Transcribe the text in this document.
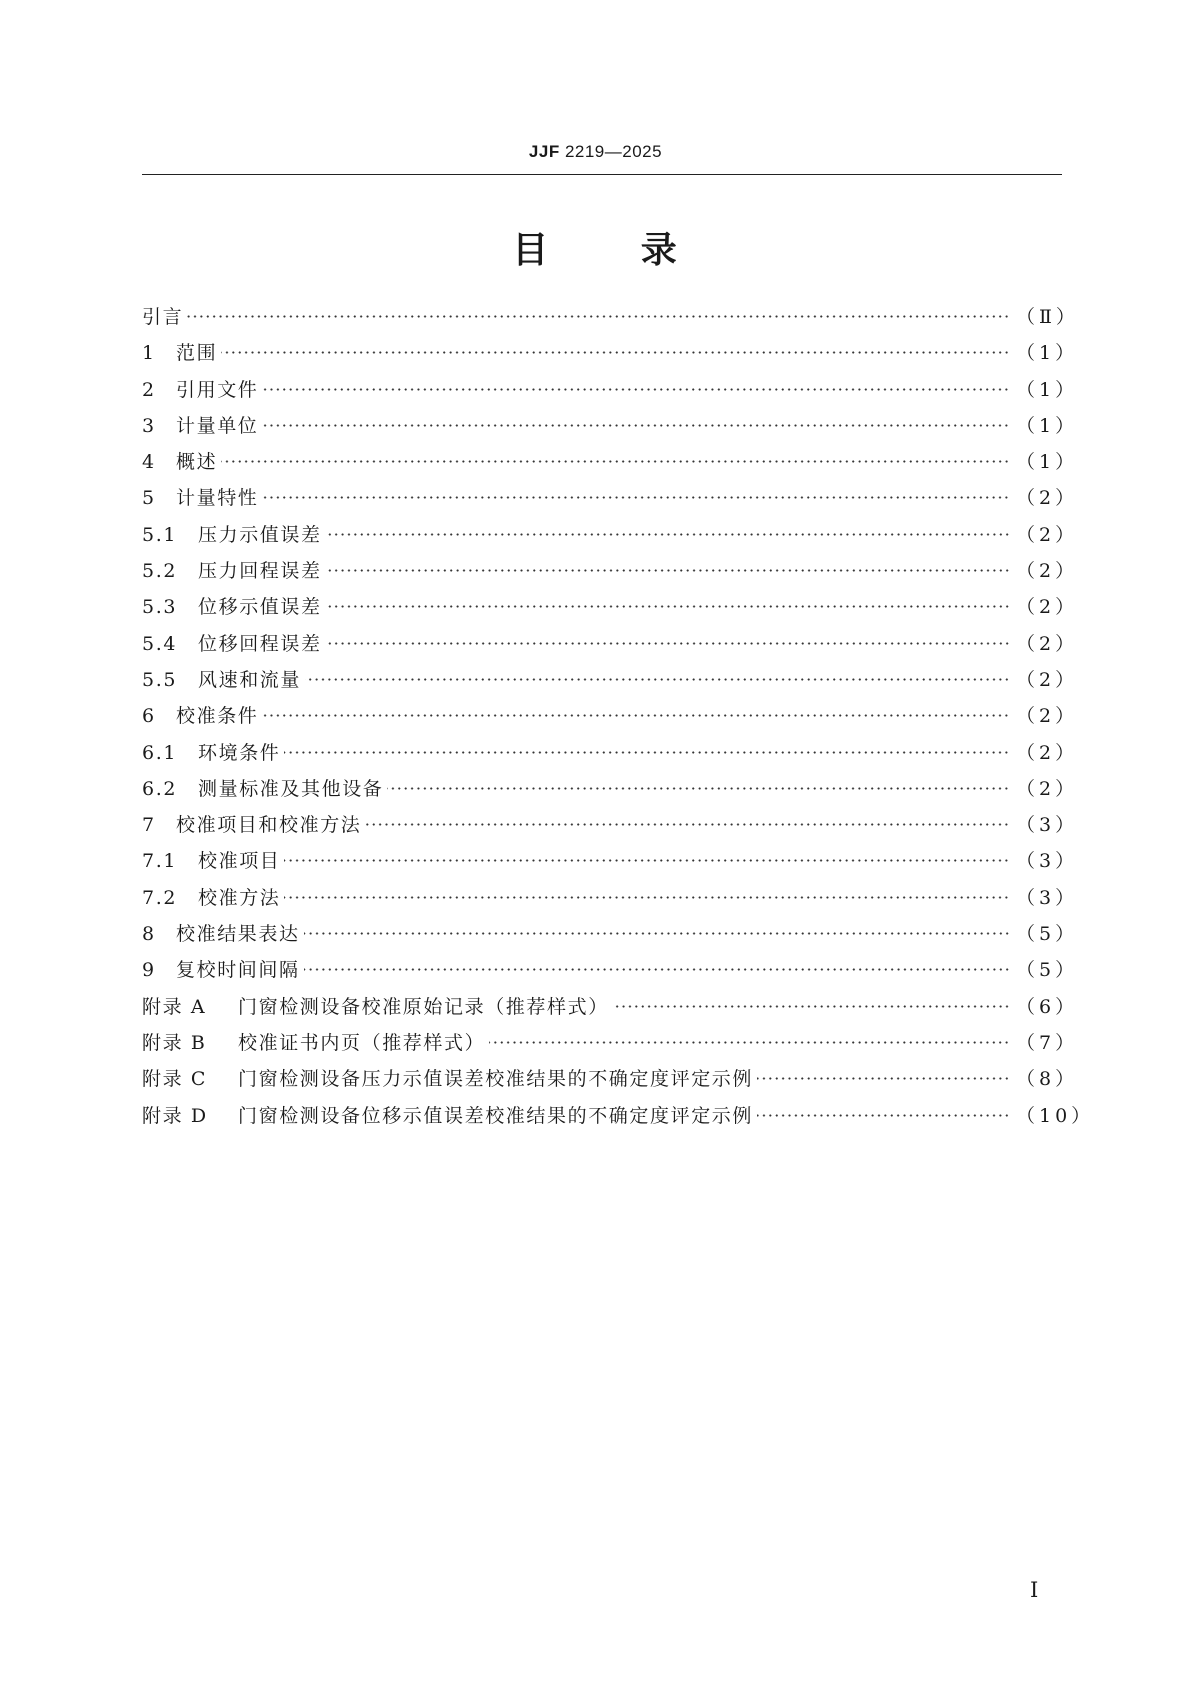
JJF 2219—2025
目 录
引言	（Ⅱ）
1	范围	（1）
2	引用文件	（1）
3	计量单位	（1）
4	概述	（1）
5	计量特性	（2）
5.1	压力示值误差	（2）
5.2	压力回程误差	（2）
5.3	位移示值误差	（2）
5.4	位移回程误差	（2）
5.5	风速和流量	（2）
6	校准条件	（2）
6.1	环境条件	（2）
6.2	测量标准及其他设备	（2）
7	校准项目和校准方法	（3）
7.1	校准项目	（3）
7.2	校准方法	（3）
8	校准结果表达	（5）
9	复校时间间隔	（5）
附录 A	门窗检测设备校准原始记录（推荐样式）	（6）
附录 B	校准证书内页（推荐样式）	（7）
附录 C	门窗检测设备压力示值误差校准结果的不确定度评定示例	（8）
附录 D	门窗检测设备位移示值误差校准结果的不确定度评定示例	（10）
Ⅰ
